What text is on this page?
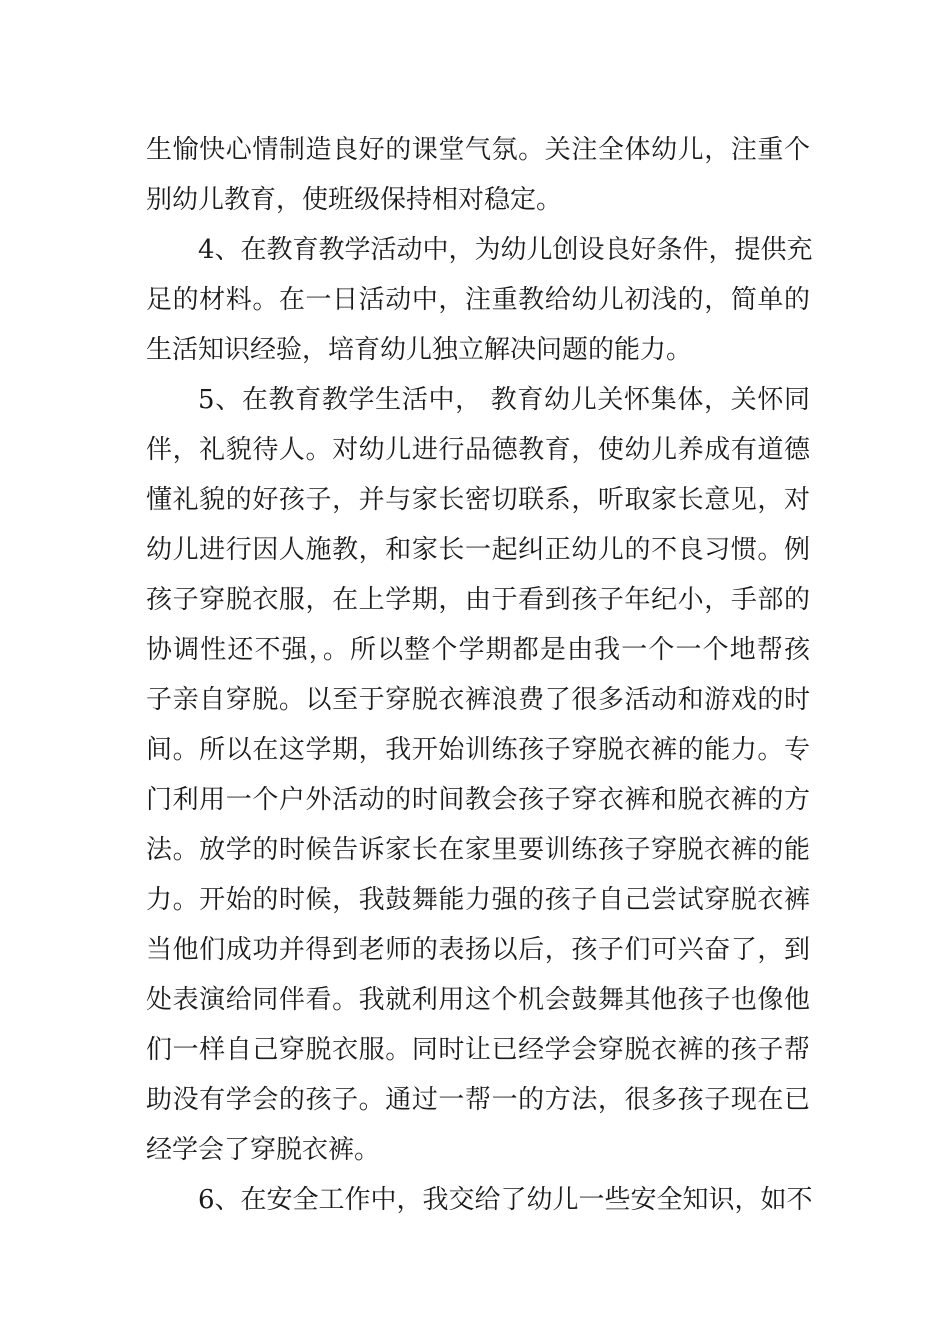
生愉快心情制造良好的课堂气氛。关注全体幼儿，注重个
别幼儿教育，使班级保持相对稳定。
4、在教育教学活动中，为幼儿创设良好条件，提供充
足的材料。在一日活动中，注重教给幼儿初浅的，简单的
生活知识经验，培育幼儿独立解决问题的能力。
5、在教育教学生活中， 教育幼儿关怀集体，关怀同
伴，礼貌待人。对幼儿进行品德教育，使幼儿养成有道德
懂礼貌的好孩子，并与家长密切联系，听取家长意见，对
幼儿进行因人施教，和家长一起纠正幼儿的不良习惯。例
孩子穿脱衣服，在上学期，由于看到孩子年纪小，手部的
协调性还不强，。所以整个学期都是由我一个一个地帮孩
子亲自穿脱。以至于穿脱衣裤浪费了很多活动和游戏的时
间。所以在这学期，我开始训练孩子穿脱衣裤的能力。专
门利用一个户外活动的时间教会孩子穿衣裤和脱衣裤的方
法。放学的时候告诉家长在家里要训练孩子穿脱衣裤的能
力。开始的时候，我鼓舞能力强的孩子自己尝试穿脱衣裤
当他们成功并得到老师的表扬以后，孩子们可兴奋了，到
处表演给同伴看。我就利用这个机会鼓舞其他孩子也像他
们一样自己穿脱衣服。同时让已经学会穿脱衣裤的孩子帮
助没有学会的孩子。通过一帮一的方法，很多孩子现在已
经学会了穿脱衣裤。
6、在安全工作中，我交给了幼儿一些安全知识，如不
